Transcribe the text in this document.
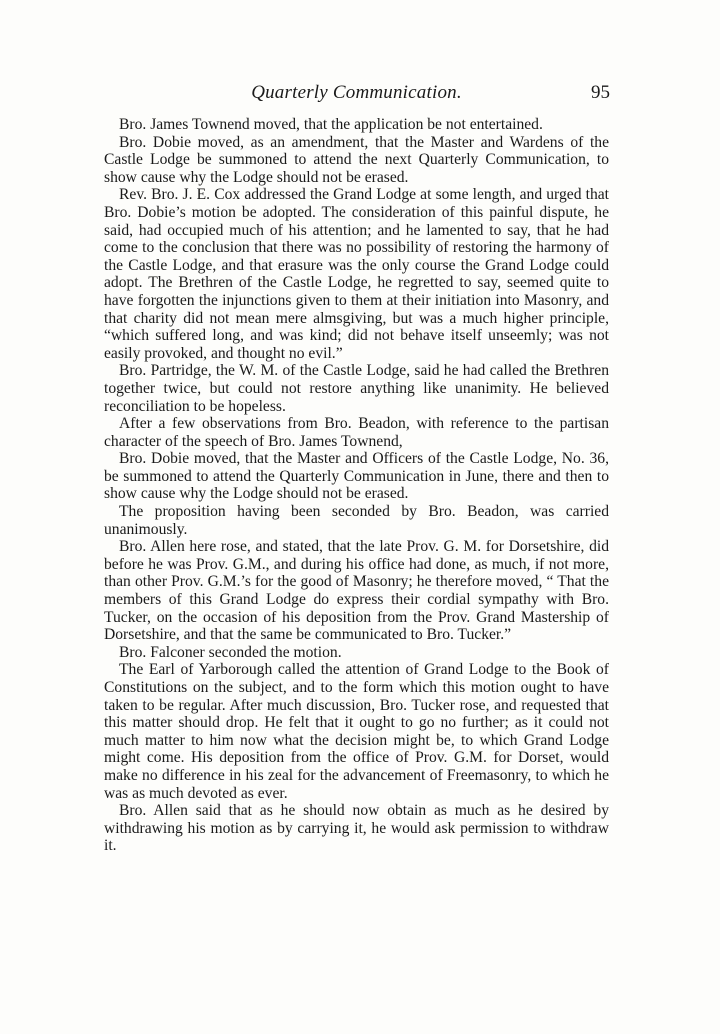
Quarterly Communication.	95

Bro. James Townend moved, that the application be not entertained.

Bro. Dobie moved, as an amendment, that the Master and Wardens of the Castle Lodge be summoned to attend the next Quarterly Communication, to show cause why the Lodge should not be erased.

Rev. Bro. J. E. Cox addressed the Grand Lodge at some length, and urged that Bro. Dobie’s motion be adopted. The consideration of this painful dispute, he said, had occupied much of his attention; and he lamented to say, that he had come to the conclusion that there was no possibility of restoring the harmony of the Castle Lodge, and that erasure was the only course the Grand Lodge could adopt. The Brethren of the Castle Lodge, he regretted to say, seemed quite to have forgotten the injunctions given to them at their initiation into Masonry, and that charity did not mean mere almsgiving, but was a much higher principle, “which suffered long, and was kind; did not behave itself unseemly; was not easily provoked, and thought no evil.”

Bro. Partridge, the W. M. of the Castle Lodge, said he had called the Brethren together twice, but could not restore anything like unanimity. He believed reconciliation to be hopeless.

After a few observations from Bro. Beadon, with reference to the partisan character of the speech of Bro. James Townend,

Bro. Dobie moved, that the Master and Officers of the Castle Lodge, No. 36, be summoned to attend the Quarterly Communication in June, there and then to show cause why the Lodge should not be erased.

The proposition having been seconded by Bro. Beadon, was carried unanimously.

Bro. Allen here rose, and stated, that the late Prov. G. M. for Dorsetshire, did before he was Prov. G.M., and during his office had done, as much, if not more, than other Prov. G.M.’s for the good of Masonry; he therefore moved, “ That the members of this Grand Lodge do express their cordial sympathy with Bro. Tucker, on the occasion of his deposition from the Prov. Grand Mastership of Dorsetshire, and that the same be communicated to Bro. Tucker.”

Bro. Falconer seconded the motion.

The Earl of Yarborough called the attention of Grand Lodge to the Book of Constitutions on the subject, and to the form which this motion ought to have taken to be regular. After much discussion, Bro. Tucker rose, and requested that this matter should drop. He felt that it ought to go no further; as it could not much matter to him now what the decision might be, to which Grand Lodge might come. His deposition from the office of Prov. G.M. for Dorset, would make no difference in his zeal for the advancement of Freemasonry, to which he was as much devoted as ever.

Bro. Allen said that as he should now obtain as much as he desired by withdrawing his motion as by carrying it, he would ask permission to withdraw it.
